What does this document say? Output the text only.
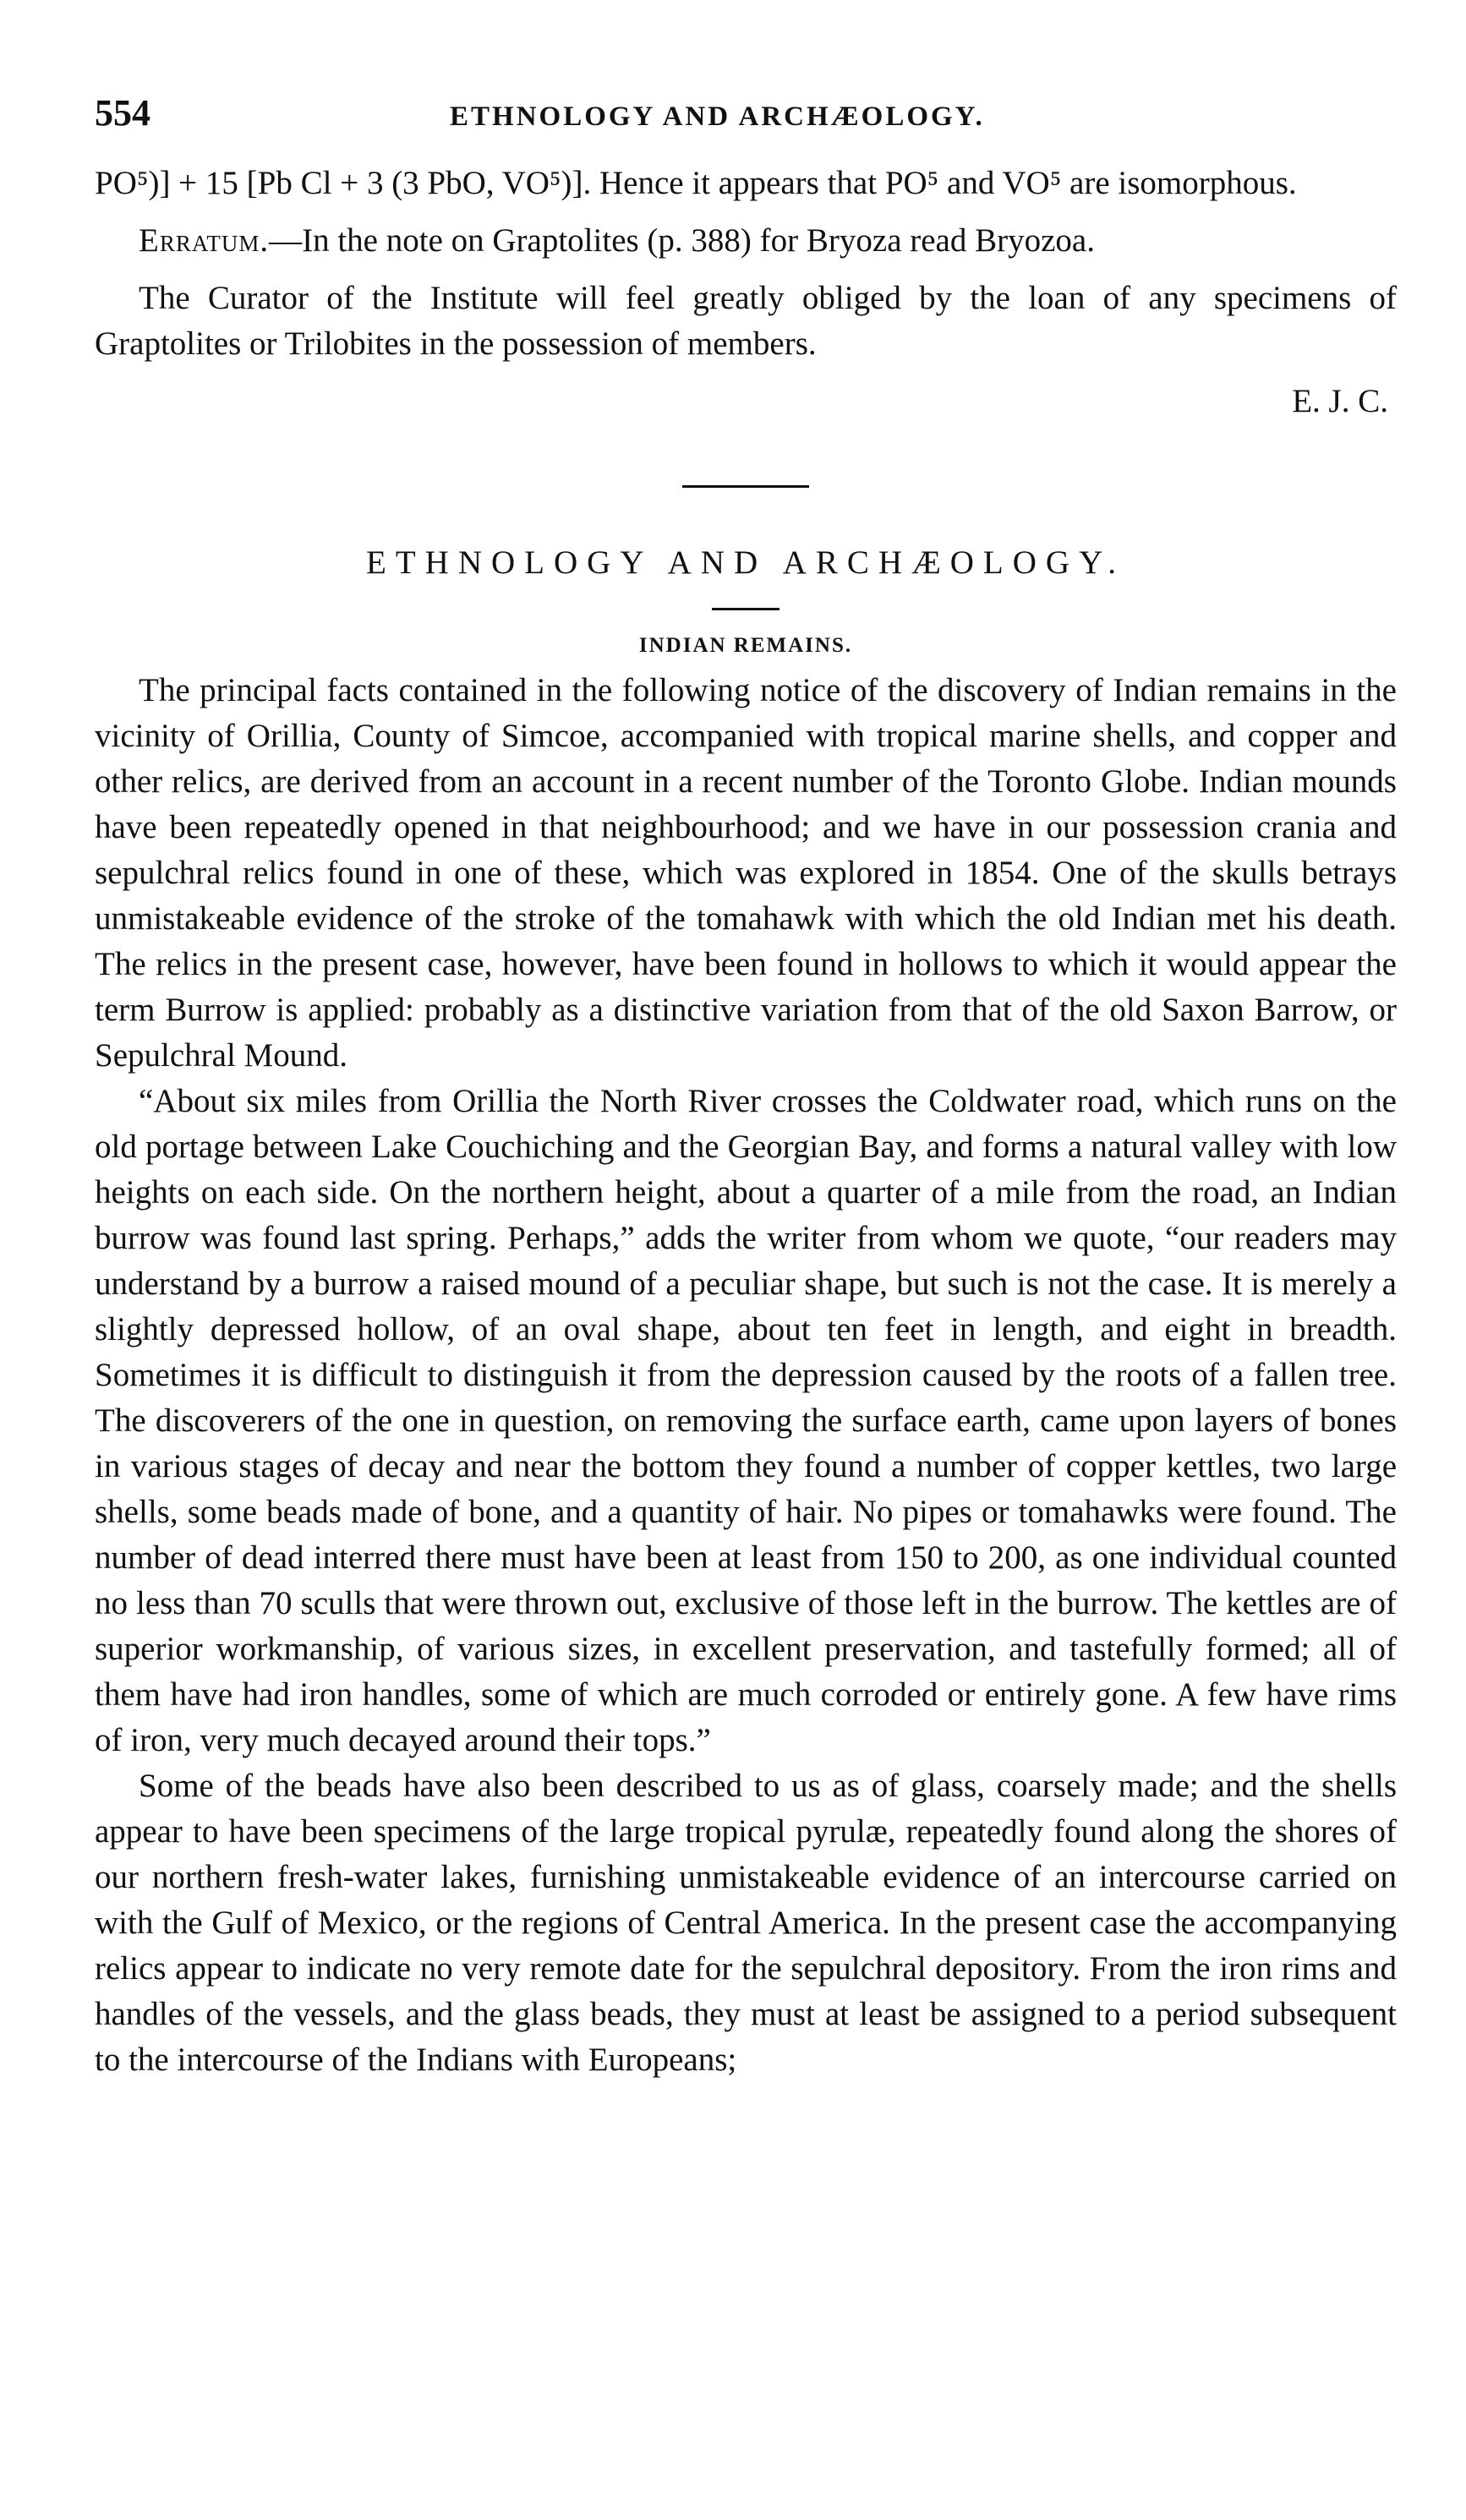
554	ETHNOLOGY AND ARCHÆOLOGY.

PO⁵)] + 15 [Pb Cl + 3 (3 PbO, VO⁵)]. Hence it appears that PO⁵ and VO⁵ are isomorphous.

Erratum.—In the note on Graptolites (p. 388) for Bryoza read Bryozoa.

The Curator of the Institute will feel greatly obliged by the loan of any specimens of Graptolites or Trilobites in the possession of members.

E. J. C.

ETHNOLOGY AND ARCHÆOLOGY.
INDIAN REMAINS.

The principal facts contained in the following notice of the discovery of Indian remains in the vicinity of Orillia, County of Simcoe, accompanied with tropical marine shells, and copper and other relics, are derived from an account in a recent number of the Toronto Globe. Indian mounds have been repeatedly opened in that neighbourhood; and we have in our possession crania and sepulchral relics found in one of these, which was explored in 1854. One of the skulls betrays unmistakeable evidence of the stroke of the tomahawk with which the old Indian met his death. The relics in the present case, however, have been found in hollows to which it would appear the term Burrow is applied: probably as a distinctive variation from that of the old Saxon Barrow, or Sepulchral Mound.

“About six miles from Orillia the North River crosses the Coldwater road, which runs on the old portage between Lake Couchiching and the Georgian Bay, and forms a natural valley with low heights on each side. On the northern height, about a quarter of a mile from the road, an Indian burrow was found last spring. Perhaps,” adds the writer from whom we quote, “our readers may understand by a burrow a raised mound of a peculiar shape, but such is not the case. It is merely a slightly depressed hollow, of an oval shape, about ten feet in length, and eight in breadth. Sometimes it is difficult to distinguish it from the depression caused by the roots of a fallen tree. The discoverers of the one in question, on removing the surface earth, came upon layers of bones in various stages of decay and near the bottom they found a number of copper kettles, two large shells, some beads made of bone, and a quantity of hair. No pipes or tomahawks were found. The number of dead interred there must have been at least from 150 to 200, as one individual counted no less than 70 sculls that were thrown out, exclusive of those left in the burrow. The kettles are of superior workmanship, of various sizes, in excellent preservation, and tastefully formed; all of them have had iron handles, some of which are much corroded or entirely gone. A few have rims of iron, very much decayed around their tops.”

Some of the beads have also been described to us as of glass, coarsely made; and the shells appear to have been specimens of the large tropical pyrulæ, repeatedly found along the shores of our northern fresh-water lakes, furnishing unmistakeable evidence of an intercourse carried on with the Gulf of Mexico, or the regions of Central America. In the present case the accompanying relics appear to indicate no very remote date for the sepulchral depository. From the iron rims and handles of the vessels, and the glass beads, they must at least be assigned to a period subsequent to the intercourse of the Indians with Europeans;
